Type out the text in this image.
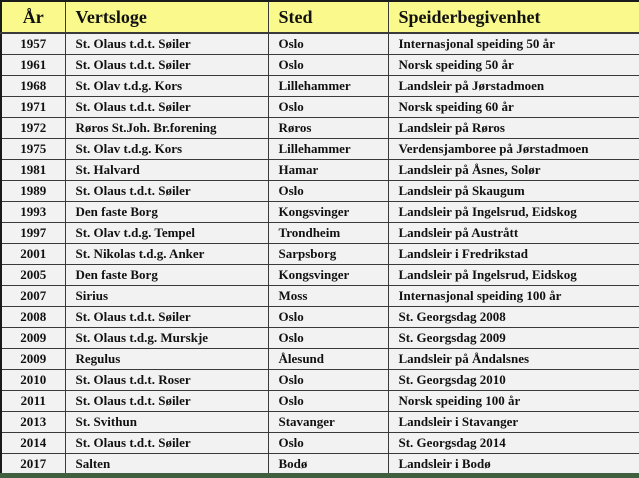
År	Vertsloge	Sted	Speiderbegivenhet
1957	St. Olaus t.d.t. Søiler	Oslo	Internasjonal speiding 50 år
1961	St. Olaus t.d.t. Søiler	Oslo	Norsk speiding 50 år
1968	St. Olav t.d.g. Kors	Lillehammer	Landsleir på Jørstadmoen
1971	St. Olaus t.d.t. Søiler	Oslo	Norsk speiding 60 år
1972	Røros St.Joh. Br.forening	Røros	Landsleir på Røros
1975	St. Olav t.d.g. Kors	Lillehammer	Verdensjamboree på Jørstadmoen
1981	St. Halvard	Hamar	Landsleir på Åsnes, Solør
1989	St. Olaus t.d.t. Søiler	Oslo	Landsleir på Skaugum
1993	Den faste Borg	Kongsvinger	Landsleir på Ingelsrud, Eidskog
1997	St. Olav t.d.g. Tempel	Trondheim	Landsleir på Austrått
2001	St. Nikolas t.d.g. Anker	Sarpsborg	Landsleir i Fredrikstad
2005	Den faste Borg	Kongsvinger	Landsleir på Ingelsrud, Eidskog
2007	Sirius	Moss	Internasjonal speiding 100 år
2008	St. Olaus t.d.t. Søiler	Oslo	St. Georgsdag 2008
2009	St. Olaus t.d.g. Murskje	Oslo	St. Georgsdag 2009
2009	Regulus	Ålesund	Landsleir på Åndalsnes
2010	St. Olaus t.d.t. Roser	Oslo	St. Georgsdag 2010
2011	St. Olaus t.d.t. Søiler	Oslo	Norsk speiding 100 år
2013	St. Svithun	Stavanger	Landsleir i Stavanger
2014	St. Olaus t.d.t. Søiler	Oslo	St. Georgsdag 2014
2017	Salten	Bodø	Landsleir i Bodø
